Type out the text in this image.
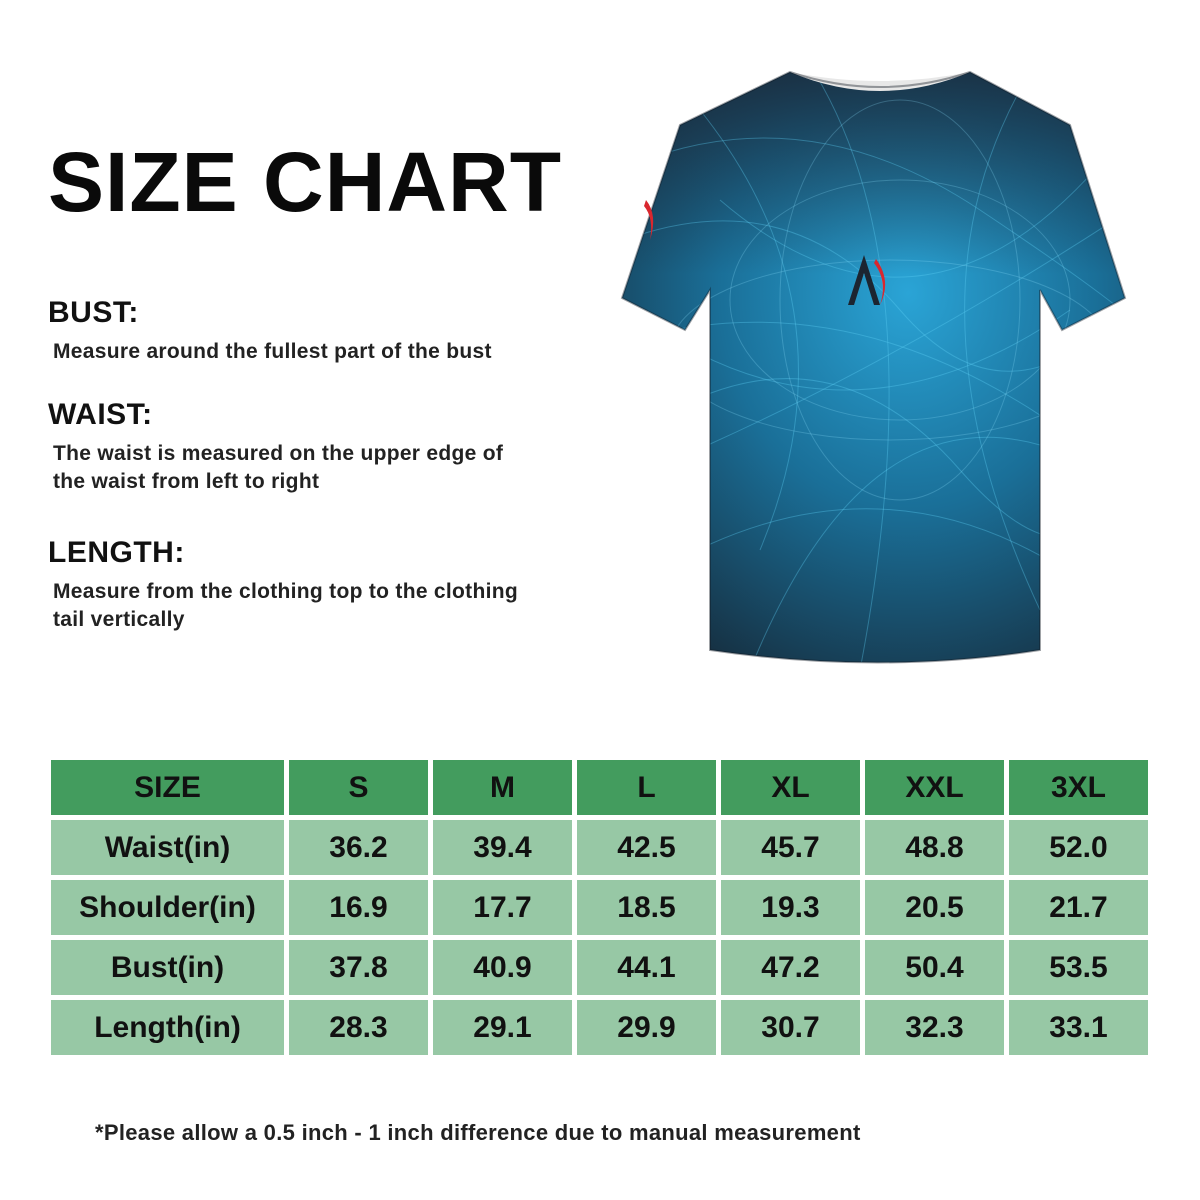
SIZE CHART
BUST:
Measure around the fullest part of the bust
WAIST:
The waist is measured on the upper edge of
the waist from left to right
LENGTH:
Measure from the clothing top to the clothing
tail vertically
SIZE	S	M	L	XL	XXL	3XL
Waist(in)	36.2	39.4	42.5	45.7	48.8	52.0
Shoulder(in)	16.9	17.7	18.5	19.3	20.5	21.7
Bust(in)	37.8	40.9	44.1	47.2	50.4	53.5
Length(in)	28.3	29.1	29.9	30.7	32.3	33.1
*Please allow a 0.5 inch - 1 inch difference due to manual measurement
